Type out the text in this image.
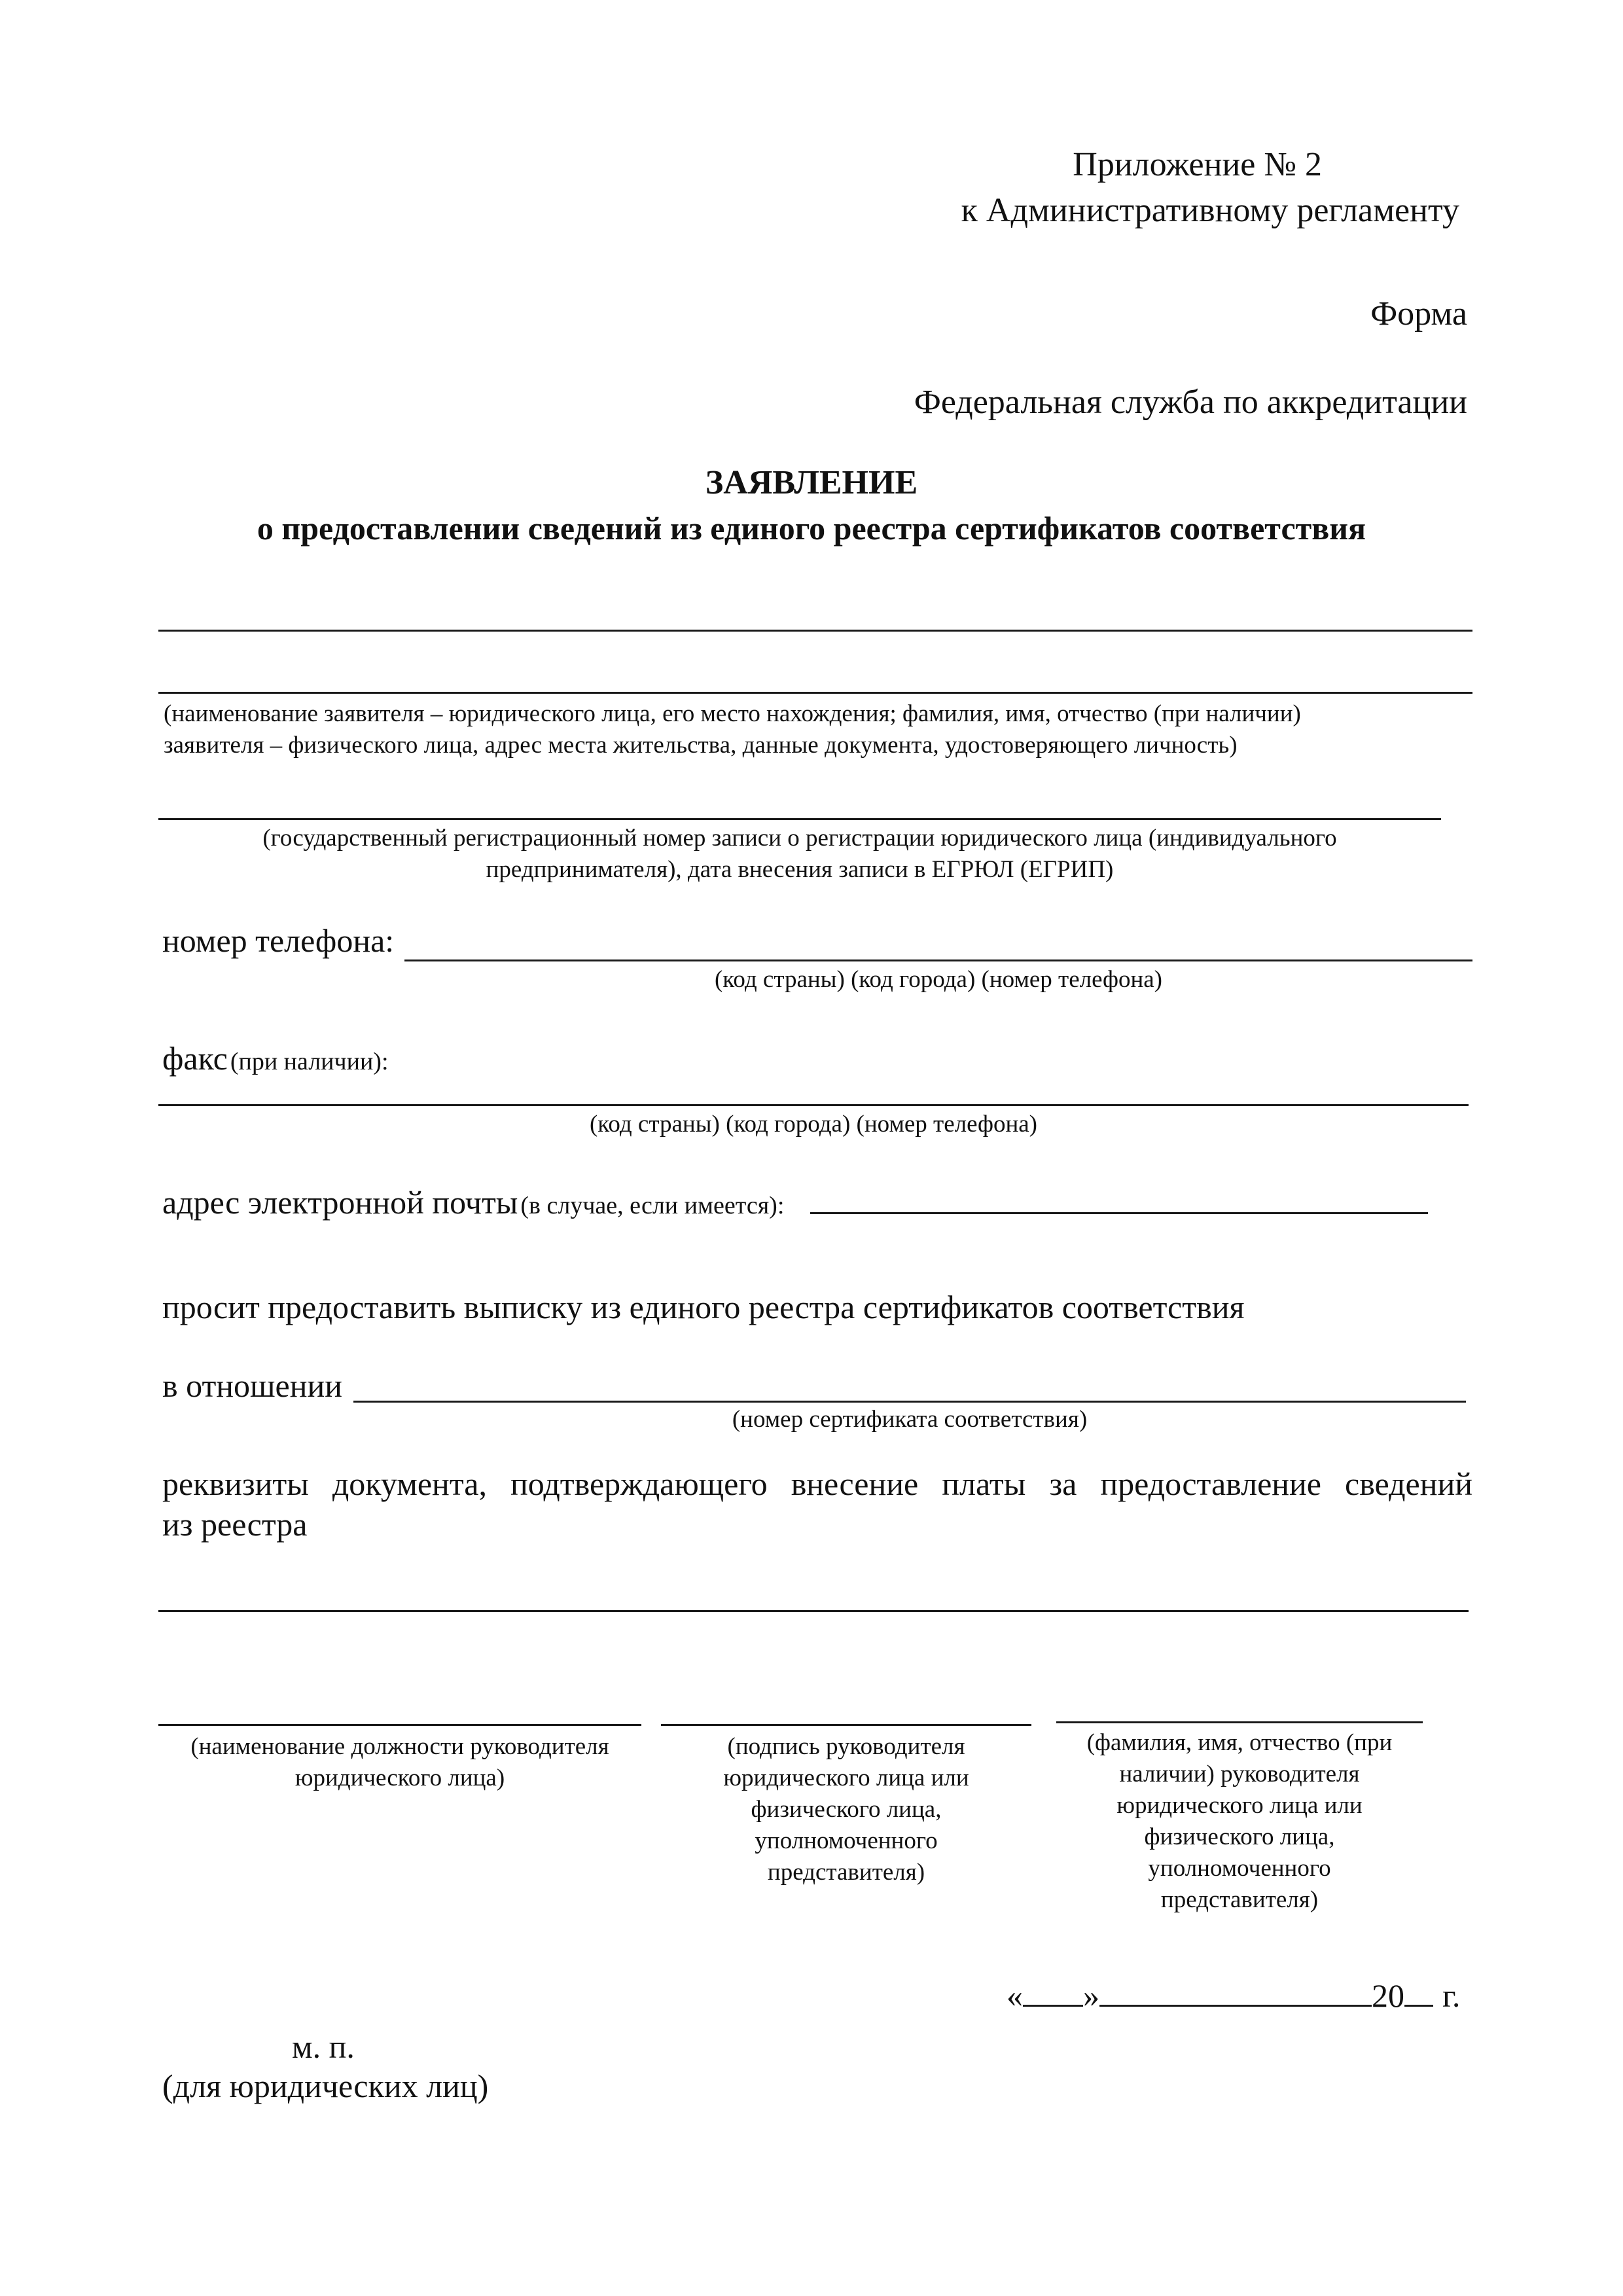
Приложение № 2
к Административному регламенту
Форма
Федеральная служба по аккредитации
ЗАЯВЛЕНИЕ
о предоставлении сведений из единого реестра сертификатов соответствия
(наименование заявителя – юридического лица, его место нахождения; фамилия, имя, отчество (при наличии)
заявителя – физического лица, адрес места жительства, данные документа, удостоверяющего личность)
(государственный регистрационный номер записи о регистрации юридического лица (индивидуального
предпринимателя), дата внесения записи в ЕГРЮЛ (ЕГРИП)
номер телефона:
(код страны) (код города) (номер телефона)
факс (при наличии):
(код страны) (код города) (номер телефона)
адрес электронной почты (в случае, если имеется):
просит предоставить выписку из единого реестра сертификатов соответствия
в отношении
(номер сертификата соответствия)
реквизиты документа, подтверждающего внесение платы за предоставление сведений
из реестра
(наименование должности руководителя
юридического лица)
(подпись руководителя
юридического лица или
физического лица,
уполномоченного
представителя)
(фамилия, имя, отчество (при
наличии) руководителя
юридического лица или
физического лица,
уполномоченного
представителя)
« »	20 г.
м. п.
(для юридических лиц)
